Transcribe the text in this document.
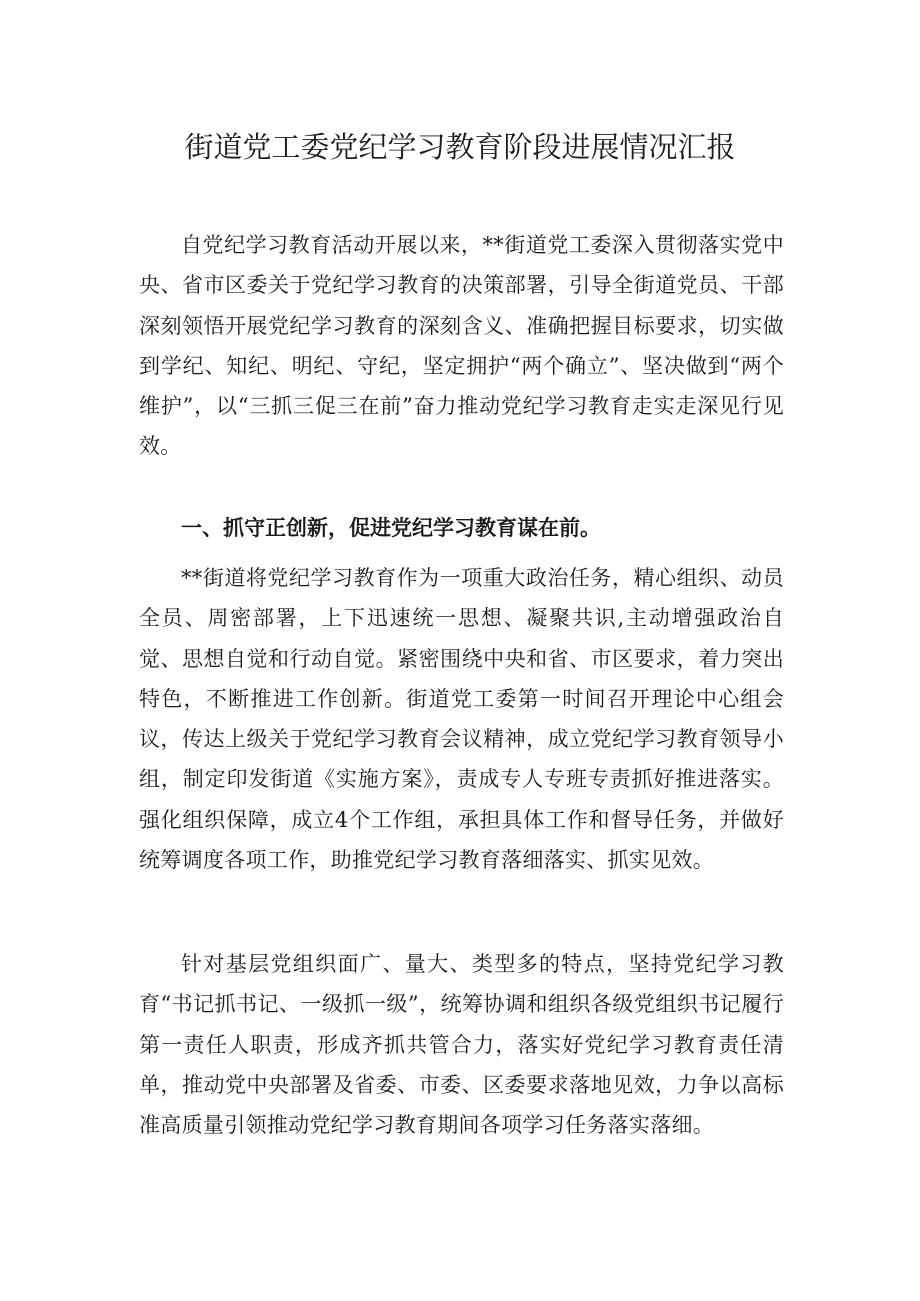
街道党工委党纪学习教育阶段进展情况汇报

自党纪学习教育活动开展以来，**街道党工委深入贯彻落实党中央、省市区委关于党纪学习教育的决策部署，引导全街道党员、干部深刻领悟开展党纪学习教育的深刻含义、准确把握目标要求，切实做到学纪、知纪、明纪、守纪，坚定拥护“两个确立”、坚决做到“两个维护”，以“三抓三促三在前”奋力推动党纪学习教育走实走深见行见效。

一、抓守正创新，促进党纪学习教育谋在前。

**街道将党纪学习教育作为一项重大政治任务，精心组织、动员全员、周密部署，上下迅速统一思想、凝聚共识,主动增强政治自觉、思想自觉和行动自觉。紧密围绕中央和省、市区要求，着力突出特色，不断推进工作创新。街道党工委第一时间召开理论中心组会议，传达上级关于党纪学习教育会议精神，成立党纪学习教育领导小组，制定印发街道《实施方案》，责成专人专班专责抓好推进落实。强化组织保障，成立4个工作组，承担具体工作和督导任务，并做好统筹调度各项工作，助推党纪学习教育落细落实、抓实见效。

针对基层党组织面广、量大、类型多的特点，坚持党纪学习教育“书记抓书记、一级抓一级”，统筹协调和组织各级党组织书记履行第一责任人职责，形成齐抓共管合力，落实好党纪学习教育责任清单，推动党中央部署及省委、市委、区委要求落地见效，力争以高标准高质量引领推动党纪学习教育期间各项学习任务落实落细。
